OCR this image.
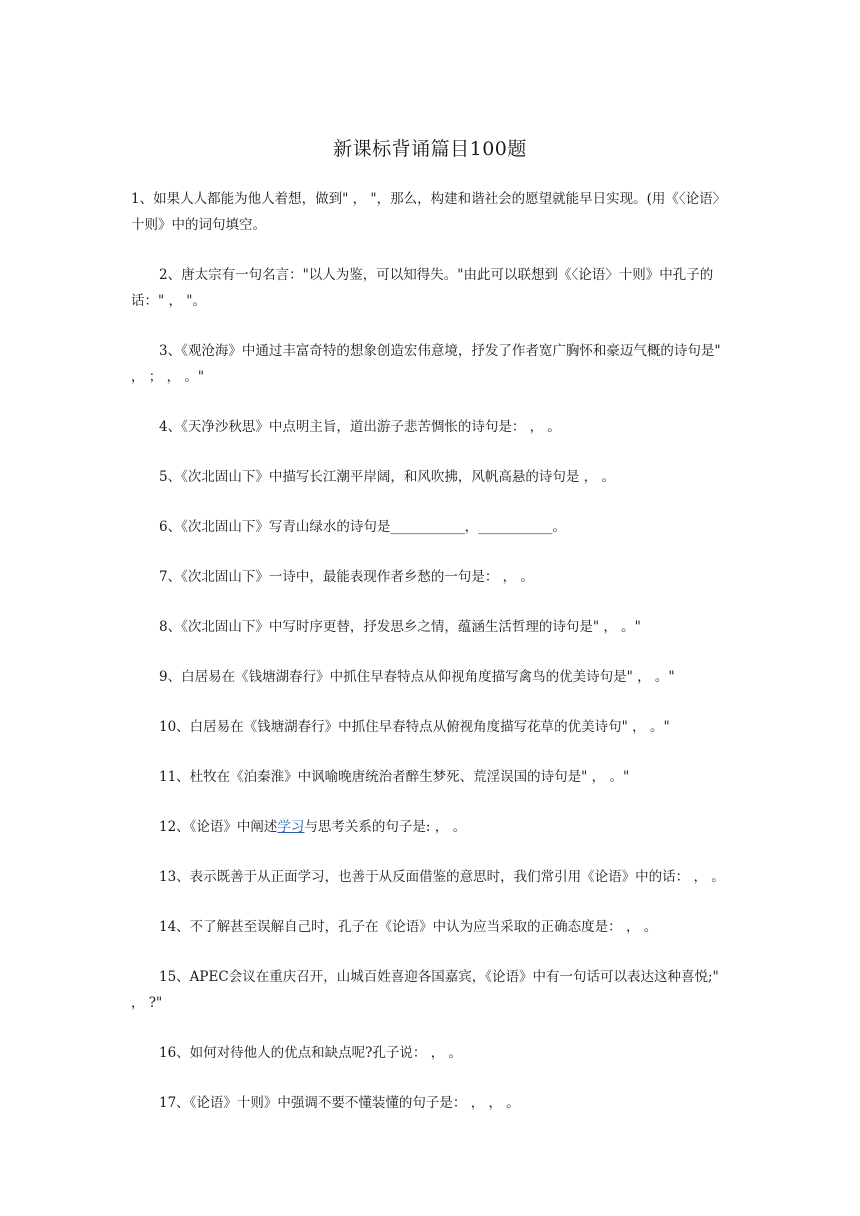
新课标背诵篇目100题

1、如果人人都能为他人着想，做到" ， "，那么，构建和谐社会的愿望就能早日实现。(用《〈论语〉十则》中的词句填空。

2、唐太宗有一句名言："以人为鉴，可以知得失。"由此可以联想到《〈论语〉十则》中孔子的话：" ， "。

3、《观沧海》中通过丰富奇特的想象创造宏伟意境，抒发了作者宽广胸怀和豪迈气概的诗句是" ， ； ， 。"

4、《天净沙秋思》中点明主旨，道出游子悲苦惆怅的诗句是： ， 。

5、《次北固山下》中描写长江潮平岸阔，和风吹拂，风帆高悬的诗句是 ， 。

6、《次北固山下》写青山绿水的诗句是___________，___________。

7、《次北固山下》一诗中，最能表现作者乡愁的一句是： ， 。

8、《次北固山下》中写时序更替，抒发思乡之情，蕴涵生活哲理的诗句是" ， 。"

9、白居易在《钱塘湖春行》中抓住早春特点从仰视角度描写禽鸟的优美诗句是" ， 。"

10、白居易在《钱塘湖春行》中抓住早春特点从俯视角度描写花草的优美诗句" ， 。"

11、杜牧在《泊秦淮》中讽喻晚唐统治者醉生梦死、荒淫误国的诗句是" ， 。"

12、《论语》中阐述学习与思考关系的句子是: ， 。

13、表示既善于从正面学习，也善于从反面借鉴的意思时，我们常引用《论语》中的话： ， 。

14、不了解甚至误解自己时，孔子在《论语》中认为应当采取的正确态度是： ， 。

15、APEC会议在重庆召开，山城百姓喜迎各国嘉宾，《论语》中有一句话可以表达这种喜悦;" ， ?"

16、如何对待他人的优点和缺点呢?孔子说： ， 。

17、《论语》十则》中强调不要不懂装懂的句子是： ， ， 。
